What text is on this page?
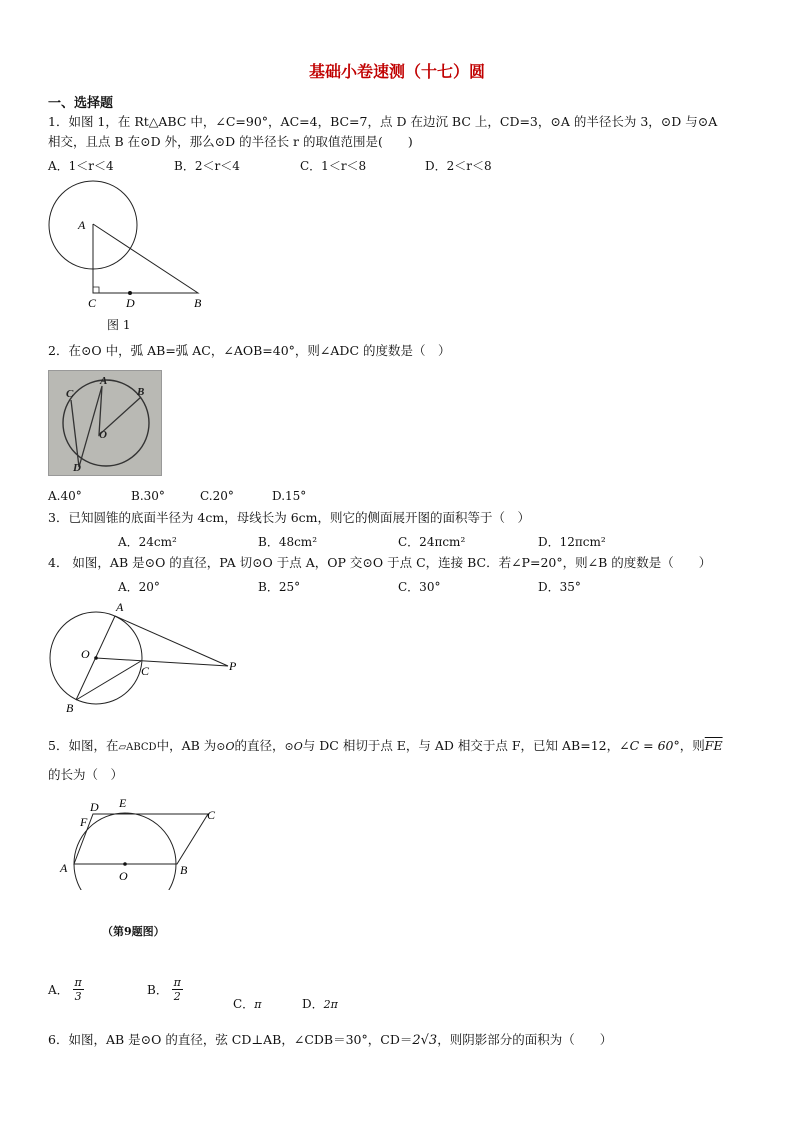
基础小卷速测（十七）圆
一、选择题
1．如图 1，在 Rt△ABC 中，∠C=90°，AC=4，BC=7，点 D 在边沉 BC 上，CD=3，⊙A 的半径长为 3，⊙D 与⊙A
相交，且点 B 在⊙D 外，那么⊙D 的半径长 r 的取值范围是(　　)
A．1＜r＜4	B．2＜r＜4	C．1＜r＜8	D．2＜r＜8
A
C D	B
图 1
2．在⊙O 中，弧 AB=弧 AC，∠AOB=40°，则∠ADC 的度数是（　）
C
A
B
O
D
A.40°	B.30°	C.20°	D.15°
3．已知圆锥的底面半径为 4cm，母线长为 6cm，则它的侧面展开图的面积等于（　）
A．24cm²	B．48cm²	C．24πcm²	D．12πcm²
4． 如图，AB 是⊙O 的直径，PA 切⊙O 于点 A，OP 交⊙O 于点 C，连接 BC．若∠P=20°，则∠B 的度数是（　　）
A．20°	B．25°	C．30°	D．35°
A
O
C	P
B
5．如图，在▱ABCD中，AB 为⊙O的直径，⊙O与 DC 相切于点 E，与 AD 相交于点 F，已知 AB=12，∠C = 60°，则$\overline{FE}$
的长为（　）
D E
C
F
A
O	B
（第9题图）
A． $\frac{\pi}{3}$	B． $\frac{\pi}{2}$
C．π	D．2π
6．如图，AB 是⊙O 的直径，弦 CD⊥AB，∠CDB＝30°，CD＝2√3，则阴影部分的面积为（　　）
